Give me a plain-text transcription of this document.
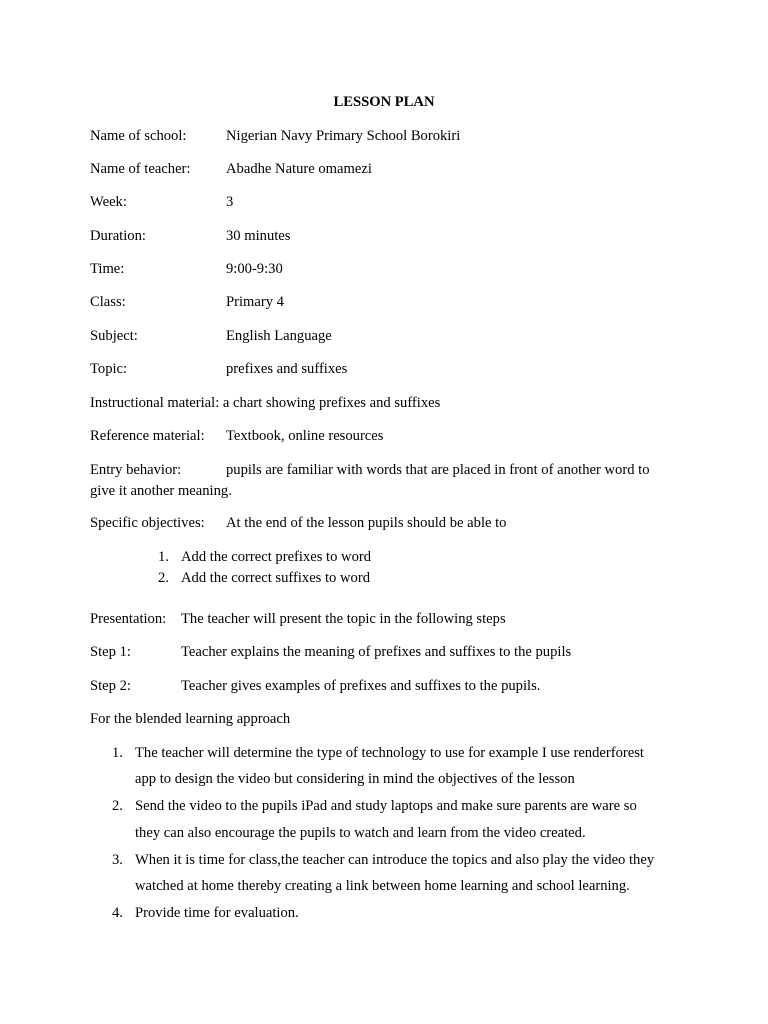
LESSON PLAN
Name of school:	Nigerian Navy Primary School Borokiri
Name of teacher: Abadhe Nature omamezi
Week:	3
Duration:	30 minutes
Time:	9:00-9:30
Class:	Primary 4
Subject:	English Language
Topic:	prefixes and suffixes
Instructional material: a chart showing prefixes and suffixes
Reference material: Textbook, online resources
Entry behavior:	pupils are familiar with words that are placed in front of another word to
give it another meaning.
Specific objectives: At the end of the lesson pupils should be able to
1. Add the correct prefixes to word
2. Add the correct suffixes to word
Presentation: The teacher will present the topic in the following steps
Step 1:	Teacher explains the meaning of prefixes and suffixes to the pupils
Step 2:	Teacher gives examples of prefixes and suffixes to the pupils.
For the blended learning approach
1. The teacher will determine the type of technology to use for example I use renderforest
app to design the video but considering in mind the objectives of the lesson
2. Send the video to the pupils iPad and study laptops and make sure parents are ware so
they can also encourage the pupils to watch and learn from the video created.
3. When it is time for class,the teacher can introduce the topics and also play the video they
watched at home thereby creating a link between home learning and school learning.
4. Provide time for evaluation.
